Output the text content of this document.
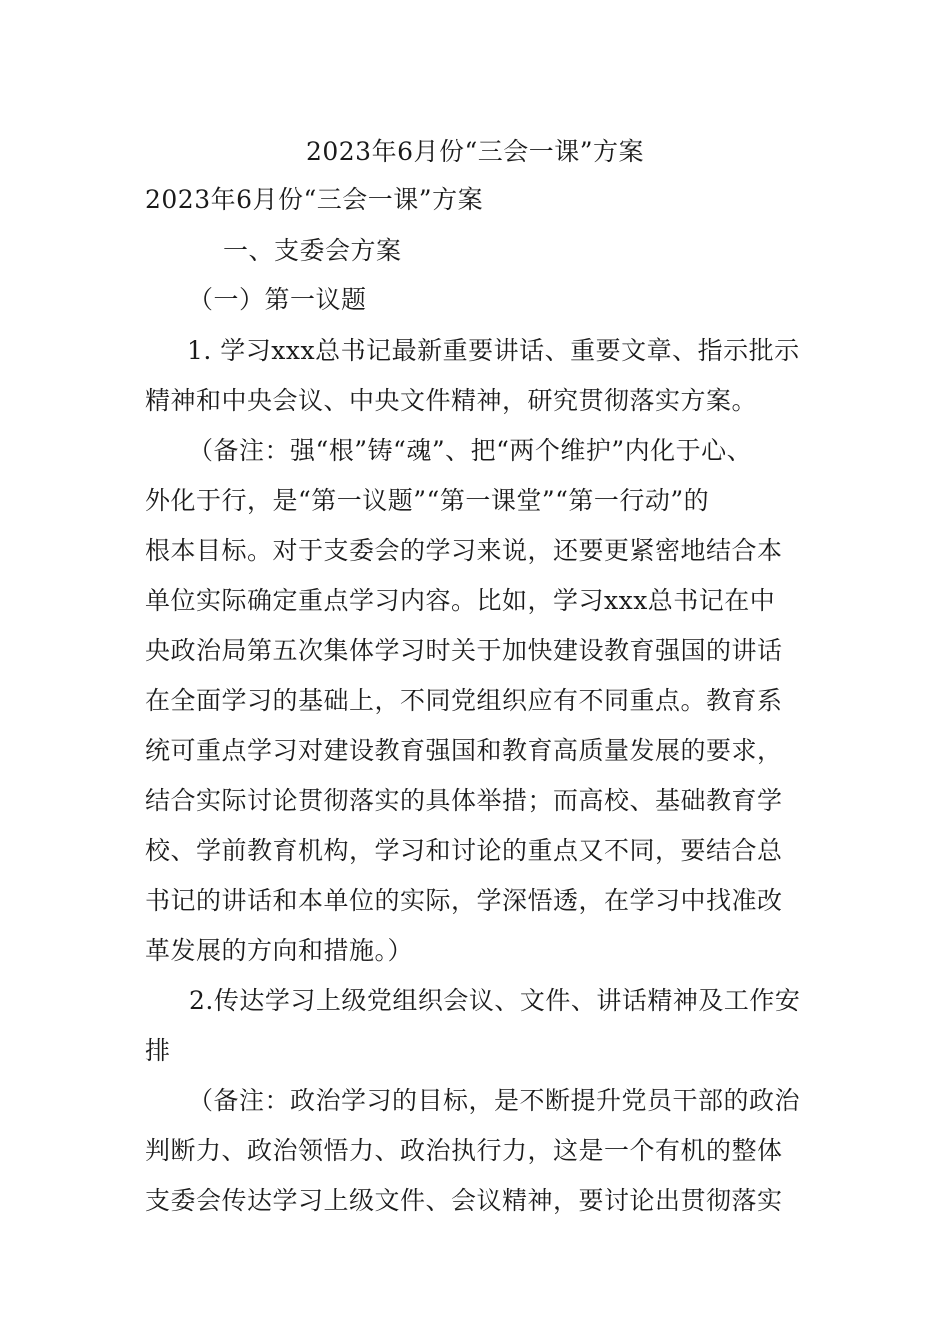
2023年6月份“三会一课”方案
2023年6月份“三会一课”方案
一、支委会方案
（一）第一议题
1. 学习xxx总书记最新重要讲话、重要文章、指示批示
精神和中央会议、中央文件精神，研究贯彻落实方案。
（备注：强“根”铸“魂”、把“两个维护”内化于心、
外化于行，是“第一议题”“第一课堂”“第一行动”的
根本目标。对于支委会的学习来说，还要更紧密地结合本
单位实际确定重点学习内容。比如，学习xxx总书记在中
央政治局第五次集体学习时关于加快建设教育强国的讲话
在全面学习的基础上，不同党组织应有不同重点。教育系
统可重点学习对建设教育强国和教育高质量发展的要求，
结合实际讨论贯彻落实的具体举措；而高校、基础教育学
校、学前教育机构，学习和讨论的重点又不同，要结合总
书记的讲话和本单位的实际，学深悟透，在学习中找准改
革发展的方向和措施。）
2.传达学习上级党组织会议、文件、讲话精神及工作安
排
（备注：政治学习的目标，是不断提升党员干部的政治
判断力、政治领悟力、政治执行力，这是一个有机的整体
支委会传达学习上级文件、会议精神，要讨论出贯彻落实
